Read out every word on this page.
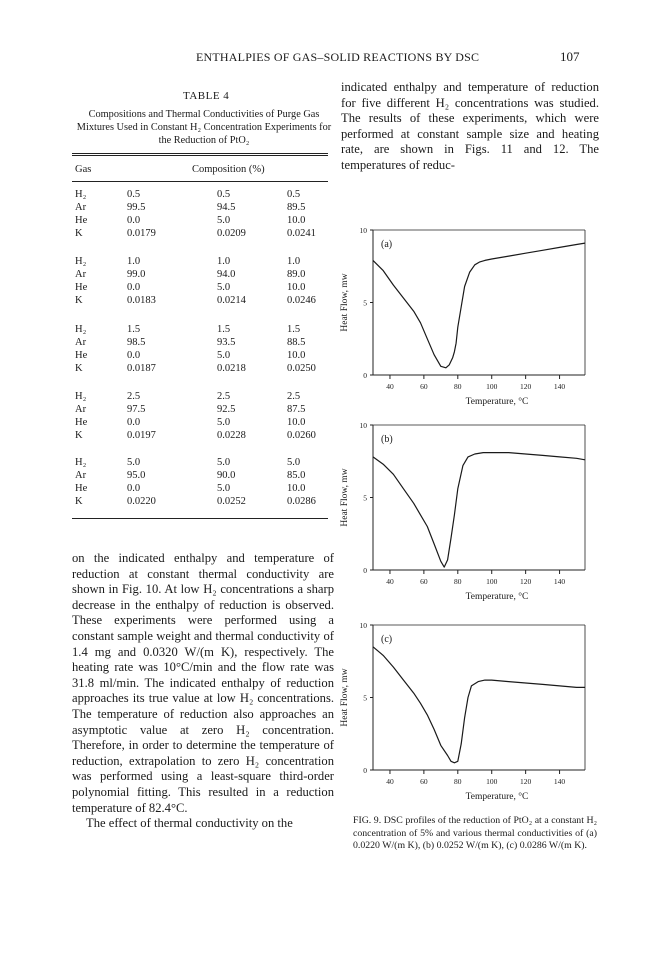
ENTHALPIES OF GAS–SOLID REACTIONS BY DSC	107
TABLE 4
Compositions and Thermal Conductivities of Purge Gas Mixtures Used in Constant H₂ Concentration Experiments for the Reduction of PtO₂
Gas	Composition (%)
H₂	0.5	0.5	0.5
Ar	99.5	94.5	89.5
He	0.0	5.0	10.0
K	0.0179	0.0209	0.0241
H₂	1.0	1.0	1.0
Ar	99.0	94.0	89.0
He	0.0	5.0	10.0
K	0.0183	0.0214	0.0246
H₂	1.5	1.5	1.5
Ar	98.5	93.5	88.5
He	0.0	5.0	10.0
K	0.0187	0.0218	0.0250
H₂	2.5	2.5	2.5
Ar	97.5	92.5	87.5
He	0.0	5.0	10.0
K	0.0197	0.0228	0.0260
H₂	5.0	5.0	5.0
Ar	95.0	90.0	85.0
He	0.0	5.0	10.0
K	0.0220	0.0252	0.0286

on the indicated enthalpy and temperature of reduction at constant thermal conductivity are shown in Fig. 10. At low H₂ concentrations a sharp decrease in the enthalpy of reduction is observed. These experiments were performed using a constant sample weight and thermal conductivity of 1.4 mg and 0.0320 W/(m K), respectively. The heating rate was 10°C/min and the flow rate was 31.8 ml/min. The indicated enthalpy of reduction approaches its true value at low H₂ concentrations. The temperature of reduction also approaches an asymptotic value at zero H₂ concentration. Therefore, in order to determine the temperature of reduction, extrapolation to zero H₂ concentration was performed using a least-square third-order polynomial fitting. This resulted in a reduction temperature of 82.4°C.

The effect of thermal conductivity on the

indicated enthalpy and temperature of reduction for five different H₂ concentrations was studied. The results of these experiments, which were performed at constant sample size and heating rate, are shown in Figs. 11 and 12. The temperatures of reduc-

40	60	80	100	120	140
0
5
10
(a)
Temperature, °C
Heat Flow, mw
40	60	80	100	120	140
0
5
10
(b)
Temperature, °C
Heat Flow, mw
40	60	80	100	120	140
0
5
10
(c)
Temperature, °C
Heat Flow, mw
FIG. 9. DSC profiles of the reduction of PtO₂ at a constant H₂ concentration of 5% and various thermal conductivities of (a) 0.0220 W/(m K), (b) 0.0252 W/(m K), (c) 0.0286 W/(m K).
